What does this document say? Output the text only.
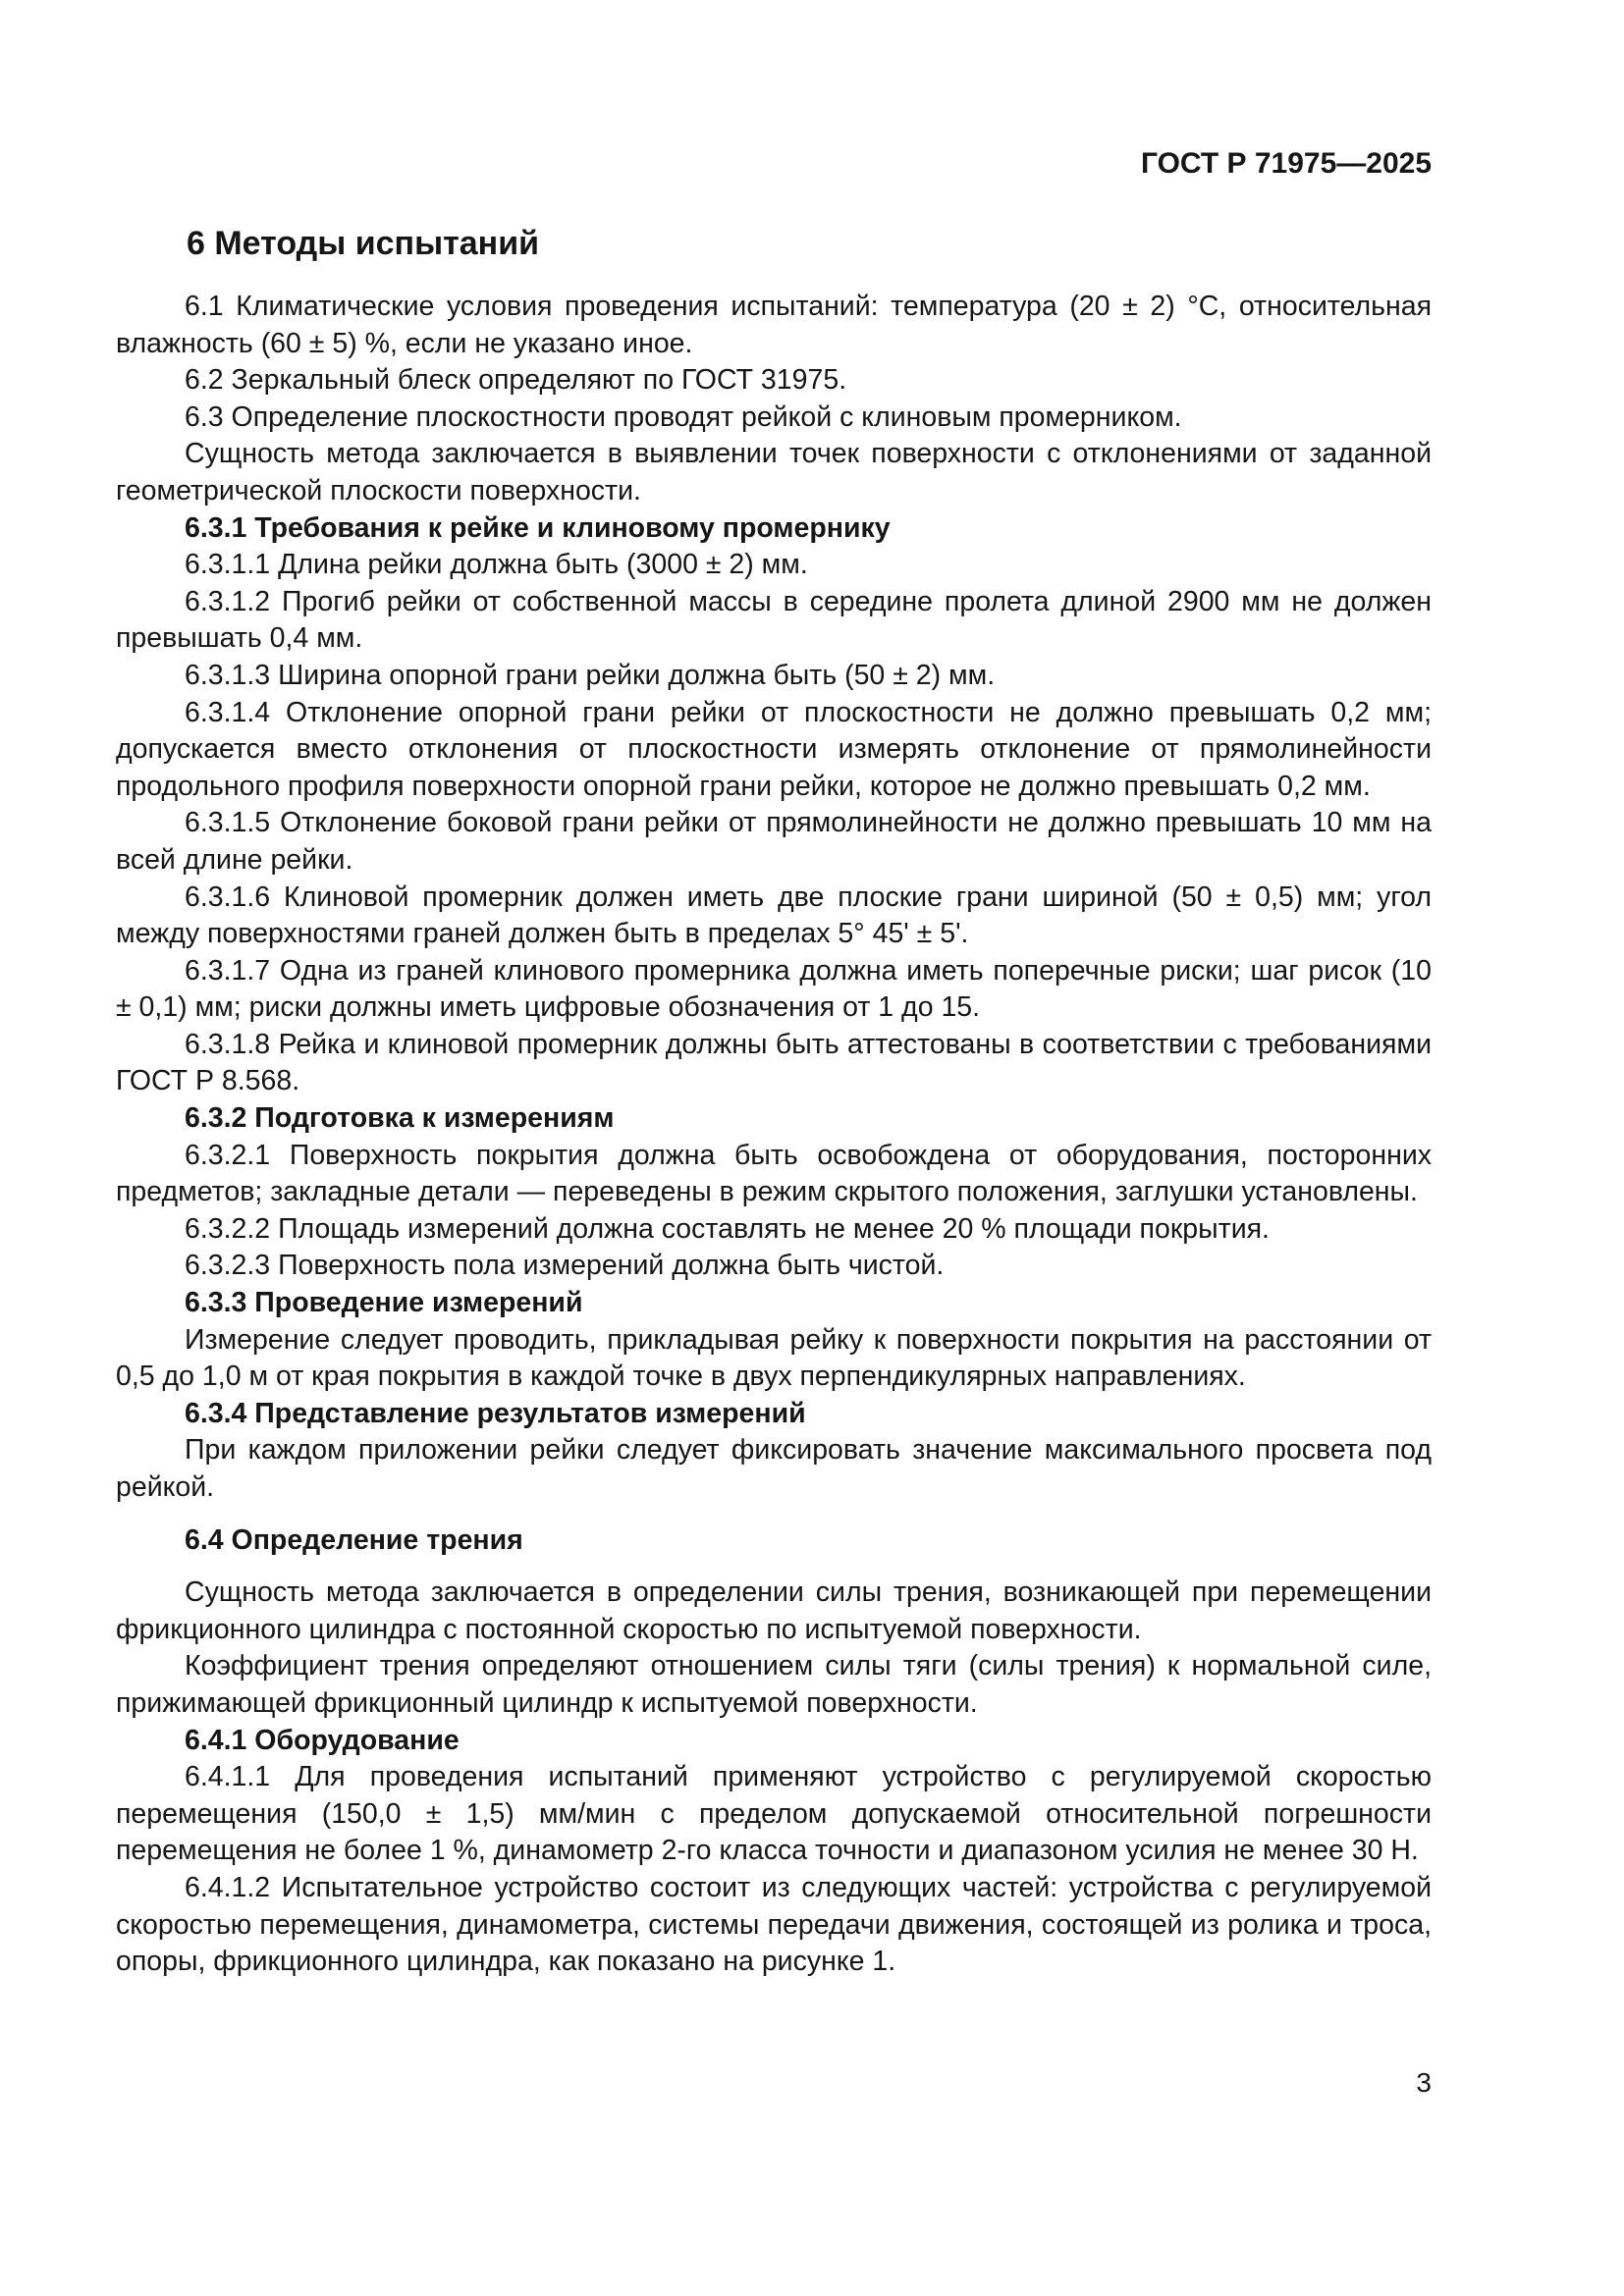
ГОСТ Р 71975—2025
6 Методы испытаний

6.1 Климатические условия проведения испытаний: температура (20 ± 2) °С, относительная влажность (60 ± 5) %, если не указано иное.

6.2 Зеркальный блеск определяют по ГОСТ 31975.

6.3 Определение плоскостности проводят рейкой с клиновым промерником.

Сущность метода заключается в выявлении точек поверхности с отклонениями от заданной геометрической плоскости поверхности.

6.3.1 Требования к рейке и клиновому промернику

6.3.1.1 Длина рейки должна быть (3000 ± 2) мм.

6.3.1.2 Прогиб рейки от собственной массы в середине пролета длиной 2900 мм не должен превышать 0,4 мм.

6.3.1.3 Ширина опорной грани рейки должна быть (50 ± 2) мм.

6.3.1.4 Отклонение опорной грани рейки от плоскостности не должно превышать 0,2 мм; допускается вместо отклонения от плоскостности измерять отклонение от прямолинейности продольного профиля поверхности опорной грани рейки, которое не должно превышать 0,2 мм.

6.3.1.5 Отклонение боковой грани рейки от прямолинейности не должно превышать 10 мм на всей длине рейки.

6.3.1.6 Клиновой промерник должен иметь две плоские грани шириной (50 ± 0,5) мм; угол между поверхностями граней должен быть в пределах 5° 45' ± 5'.

6.3.1.7 Одна из граней клинового промерника должна иметь поперечные риски; шаг рисок (10 ± 0,1) мм; риски должны иметь цифровые обозначения от 1 до 15.

6.3.1.8 Рейка и клиновой промерник должны быть аттестованы в соответствии с требованиями ГОСТ Р 8.568.

6.3.2 Подготовка к измерениям

6.3.2.1 Поверхность покрытия должна быть освобождена от оборудования, посторонних предметов; закладные детали — переведены в режим скрытого положения, заглушки установлены.

6.3.2.2 Площадь измерений должна составлять не менее 20 % площади покрытия.

6.3.2.3 Поверхность пола измерений должна быть чистой.

6.3.3 Проведение измерений

Измерение следует проводить, прикладывая рейку к поверхности покрытия на расстоянии от 0,5 до 1,0 м от края покрытия в каждой точке в двух перпендикулярных направлениях.

6.3.4 Представление результатов измерений

При каждом приложении рейки следует фиксировать значение максимального просвета под рейкой.

6.4 Определение трения

Сущность метода заключается в определении силы трения, возникающей при перемещении фрикционного цилиндра с постоянной скоростью по испытуемой поверхности.

Коэффициент трения определяют отношением силы тяги (силы трения) к нормальной силе, прижимающей фрикционный цилиндр к испытуемой поверхности.

6.4.1 Оборудование

6.4.1.1 Для проведения испытаний применяют устройство с регулируемой скоростью перемещения (150,0 ± 1,5) мм/мин с пределом допускаемой относительной погрешности перемещения не более 1 %, динамометр 2-го класса точности и диапазоном усилия не менее 30 Н.

6.4.1.2 Испытательное устройство состоит из следующих частей: устройства с регулируемой скоростью перемещения, динамометра, системы передачи движения, состоящей из ролика и троса, опоры, фрикционного цилиндра, как показано на рисунке 1.

3
